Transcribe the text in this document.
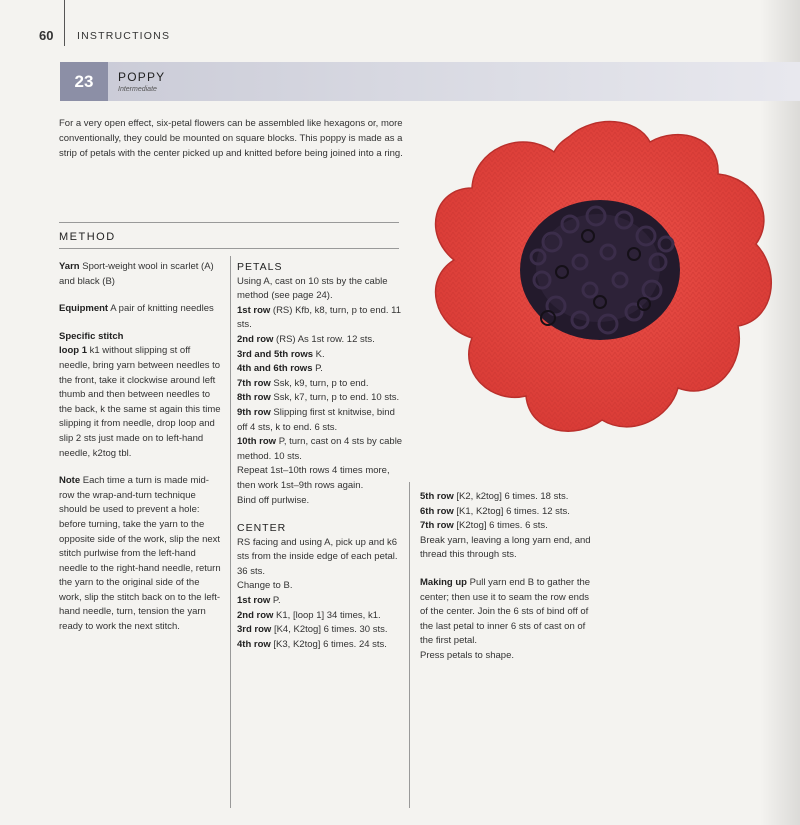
60 INSTRUCTIONS
23	POPPY
Intermediate
For a very open effect, six-petal flowers can be assembled like hexagons or, more conventionally, they could be mounted on square blocks. This poppy is made as a strip of petals with the center picked up and knitted before being joined into a ring.
METHOD

Yarn Sport-weight wool in scarlet (A) and black (B)

Equipment A pair of knitting needles

Specific stitch

loop 1 k1 without slipping st off needle, bring yarn between needles to the front, take it clockwise around left thumb and then between needles to the back, k the same st again this time slipping it from needle, drop loop and slip 2 sts just made on to left-hand needle, k2tog tbl.

Note Each time a turn is made mid-row the wrap-and-turn technique should be used to prevent a hole: before turning, take the yarn to the opposite side of the work, slip the next stitch purlwise from the left-hand needle to the right-hand needle, return the yarn to the original side of the work, slip the stitch back on to the left-hand needle, turn, tension the yarn ready to work the next stitch.

PETALS

Using A, cast on 10 sts by the cable method (see page 24).

1st row (RS) Kfb, k8, turn, p to end. 11 sts.

2nd row (RS) As 1st row. 12 sts.

3rd and 5th rows K.

4th and 6th rows P.

7th row Ssk, k9, turn, p to end.

8th row Ssk, k7, turn, p to end. 10 sts.

9th row Slipping first st knitwise, bind off 4 sts, k to end. 6 sts.

10th row P, turn, cast on 4 sts by cable method. 10 sts.

Repeat 1st–10th rows 4 times more, then work 1st–9th rows again.

Bind off purlwise.

CENTER

RS facing and using A, pick up and k6 sts from the inside edge of each petal. 36 sts.

Change to B.

1st row P.

2nd row K1, [loop 1] 34 times, k1.

3rd row [K4, K2tog] 6 times. 30 sts.

4th row [K3, K2tog] 6 times. 24 sts.

5th row [K2, k2tog] 6 times. 18 sts.

6th row [K1, K2tog] 6 times. 12 sts.

7th row [K2tog] 6 times. 6 sts.

Break yarn, leaving a long yarn end, and thread this through sts.

Making up Pull yarn end B to gather the center; then use it to seam the row ends of the center. Join the 6 sts of bind off of the last petal to inner 6 sts of cast on of the first petal.

Press petals to shape.
